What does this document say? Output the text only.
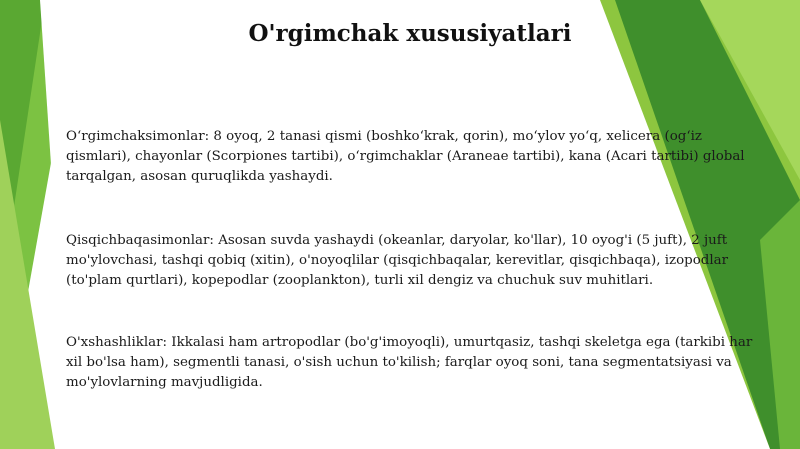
O'rgimchak xususiyatlari
O‘rgimchaksimonlar: 8 oyoq, 2 tanasi qismi (boshko‘krak, qorin), mo‘ylov yo‘q, xeliсera (og‘iz qismlari), chayonlar (Scorpiones tartibi), o‘rgimchaklar (Araneae tartibi), kana (Acari tartibi) global tarqalgan, asosan quruqlikda yashaydi.
Qisqichbaqasimonlar: Asosan suvda yashaydi (okeanlar, daryolar, ko'llar), 10 oyog'i (5 juft), 2 juft mo'ylovchasi, tashqi qobiq (xitin), o'noyoqlilar (qisqichbaqalar, kerevitlar, qisqichbaqa), izopodlar (to'plam qurtlari), kopepodlar (zooplankton), turli xil dengiz va chuchuk suv muhitlari.
O'xshashliklar: Ikkalasi ham artropodlar (bo'g'imoyoqli), umurtqasiz, tashqi skeletga ega (tarkibi har xil bo'lsa ham), segmentli tanasi, o'sish uchun to'kilish; farqlar oyoq soni, tana segmentatsiyasi va mo'ylovlarning mavjudligida.
